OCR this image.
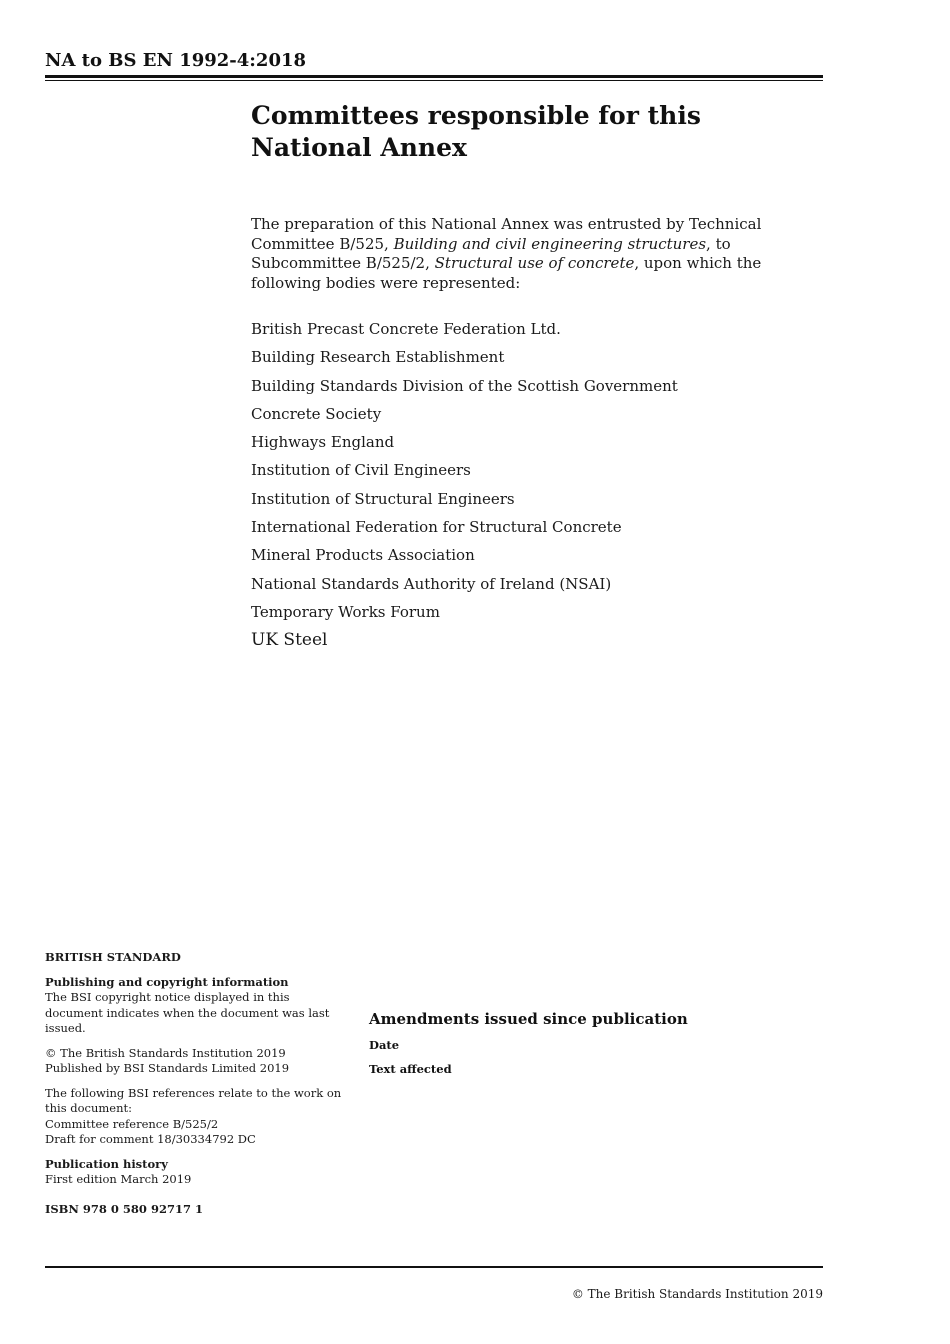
NA to BS EN 1992-4:2018
Committees responsible for this
National Annex

The preparation of this National Annex was entrusted by Technical Committee B/525, Building and civil engineering structures, to Subcommittee B/525/2, Structural use of concrete, upon which the following bodies were represented:

British Precast Concrete Federation Ltd.
Building Research Establishment
Building Standards Division of the Scottish Government
Concrete Society
Highways England
Institution of Civil Engineers
Institution of Structural Engineers
International Federation for Structural Concrete
Mineral Products Association
National Standards Authority of Ireland (NSAI)
Temporary Works Forum
UK Steel
BRITISH STANDARD
Publishing and copyright information

The BSI copyright notice displayed in this document indicates when the document was last issued.

© The British Standards Institution 2019
Published by BSI Standards Limited 2019

The following BSI references relate to the work on this document:
Committee reference B/525/2
Draft for comment 18/30334792 DC

Publication history
First edition March 2019
ISBN 978 0 580 92717 1
Amendments issued since publication
Date
Text affected
© The British Standards Institution 2019
